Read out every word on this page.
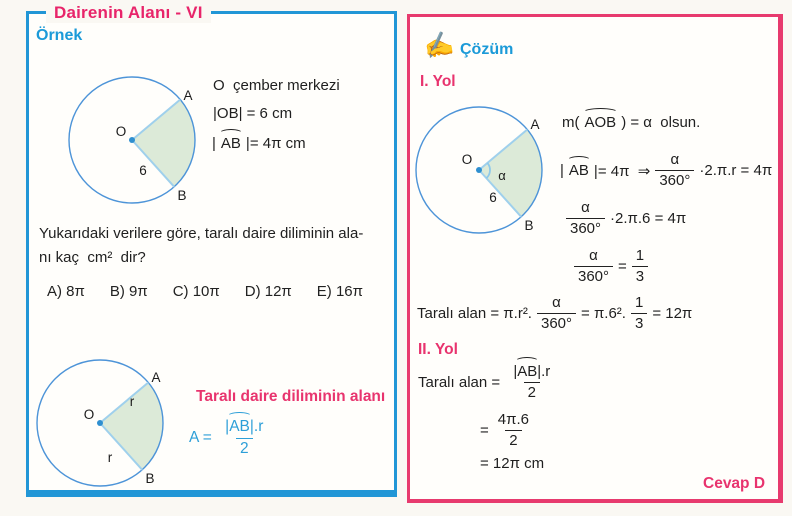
Örnek
A
B
O
6
O  çember merkezi
|OB| = 6 cm
| AB |= 4π cm
Yukarıdaki verilere göre, taralı daire diliminin ala-
nı kaç  cm²  dir?
A) 8π B) 9π C) 10π D) 12π E) 16π
A
B
O
r
r
Taralı daire diliminin alanı
$A = \frac{| AB |.r}{2}$
Dairenin Alanı - VI
✍ Çözüm
I. Yol
A
B
O
α
6
m( AOB ) = α  olsun.
| AB |= 4π  ⇒ $\frac{\alpha}{360^\circ} \cdot 2.\pi.r = 4\pi$
$\frac{\alpha}{360^\circ} \cdot 2.\pi.6 = 4\pi$
$\frac{\alpha}{360^\circ} = \frac{1}{3}$
Taralı alan = π.r². $\frac{\alpha}{360^\circ} = \pi.6^2$. $\frac{1}{3} = 12\pi$
II. Yol
Taralı alan = $\frac{| AB |.r}{2}$
= $\frac{4\pi.6}{2}$
= 12π cm
Cevap D
